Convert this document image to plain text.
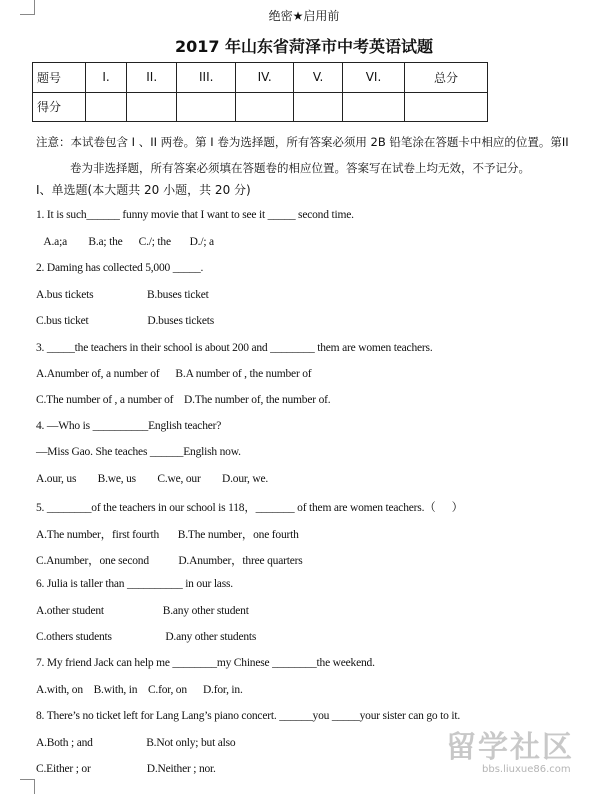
绝密★启用前
2017 年山东省菏泽市中考英语试题
题号	I.	II.	III.	IV.	V.	VI.	总分
得分							
注意：本试卷包含 I 、II 两卷。第 I 卷为选择题，所有答案必须用 2B 铅笔涂在答题卡中相应的位置。第II
卷为非选择题，所有答案必须填在答题卷的相应位置。答案写在试卷上均无效，不予记分。
I、单选题(本大题共 20 小题，共 20 分)
1. It is such______ funny movie that I want to see it _____ second time.
A.a;a        B.a; the      C./; the       D./; a
2. Daming has collected 5,000 _____.
A.bus tickets                    B.buses ticket
C.bus ticket                      D.buses tickets
3. _____the teachers in their school is about 200 and ________ them are women teachers.
A.Anumber of, a number of      B.A number of , the number of
C.The number of , a number of    D.The number of, the number of.
4. —Who is __________English teacher?
—Miss Gao. She teaches ______English now.
A.our, us        B.we, us        C.we, our        D.our, we.
5. ________of the teachers in our school is 118，_______ of them are women teachers.（      ）
A.The number，first fourth       B.The number，one fourth
C.Anumber，one second           D.Anumber，three quarters
6. Julia is taller than __________ in our lass.
A.other student                      B.any other student
C.others students                    D.any other students
7. My friend Jack can help me ________my Chinese ________the weekend.
A.with, on    B.with, in    C.for, on      D.for, in.
8. There’s no ticket left for Lang Lang’s piano concert. ______you _____your sister can go to it.
A.Both ; and                    B.Not only; but also
C.Either ; or                     D.Neither ; nor.
留学社区
bbs.liuxue86.com
